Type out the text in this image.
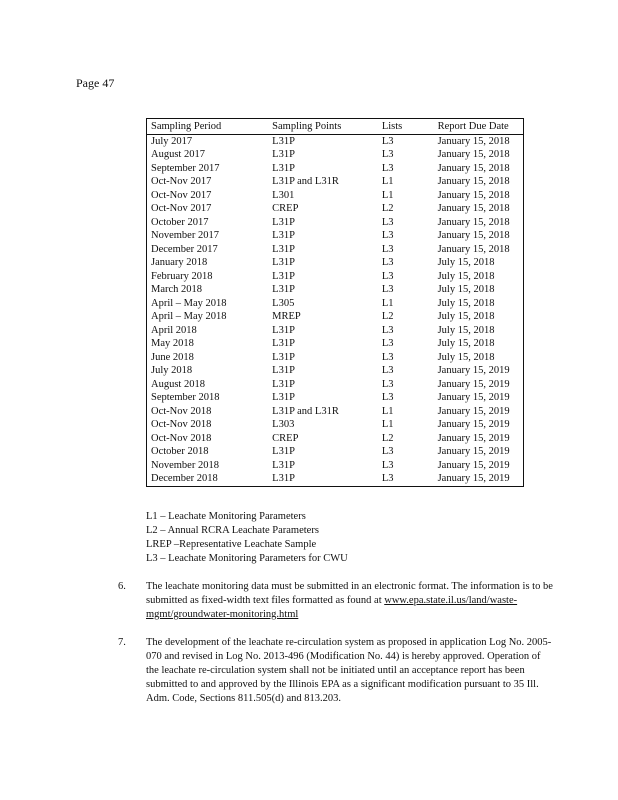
Page 47
Sampling Period	Sampling Points	Lists	Report Due Date
July 2017	L31P	L3	January 15, 2018
August 2017	L31P	L3	January 15, 2018
September 2017	L31P	L3	January 15, 2018
Oct-Nov 2017	L31P and L31R	L1	January 15, 2018
Oct-Nov 2017	L301	L1	January 15, 2018
Oct-Nov 2017	CREP	L2	January 15, 2018
October 2017	L31P	L3	January 15, 2018
November 2017	L31P	L3	January 15, 2018
December 2017	L31P	L3	January 15, 2018
January 2018	L31P	L3	July 15, 2018
February 2018	L31P	L3	July 15, 2018
March 2018	L31P	L3	July 15, 2018
April – May 2018	L305	L1	July 15, 2018
April – May 2018	MREP	L2	July 15, 2018
April 2018	L31P	L3	July 15, 2018
May 2018	L31P	L3	July 15, 2018
June 2018	L31P	L3	July 15, 2018
July 2018	L31P	L3	January 15, 2019
August 2018	L31P	L3	January 15, 2019
September 2018	L31P	L3	January 15, 2019
Oct-Nov 2018	L31P and L31R	L1	January 15, 2019
Oct-Nov 2018	L303	L1	January 15, 2019
Oct-Nov 2018	CREP	L2	January 15, 2019
October 2018	L31P	L3	January 15, 2019
November 2018	L31P	L3	January 15, 2019
December 2018	L31P	L3	January 15, 2019
L1 – Leachate Monitoring Parameters
L2 – Annual RCRA Leachate Parameters
LREP –Representative Leachate Sample
L3 – Leachate Monitoring Parameters for CWU
6. The leachate monitoring data must be submitted in an electronic format. The information is to be submitted as fixed-width text files formatted as found at www.epa.state.il.us/land/waste-mgmt/groundwater-monitoring.html

7. The development of the leachate re-circulation system as proposed in application Log No. 2005-070 and revised in Log No. 2013-496 (Modification No. 44) is hereby approved. Operation of the leachate re-circulation system shall not be initiated until an acceptance report has been submitted to and approved by the Illinois EPA as a significant modification pursuant to 35 Ill. Adm. Code, Sections 811.505(d) and 813.203.
